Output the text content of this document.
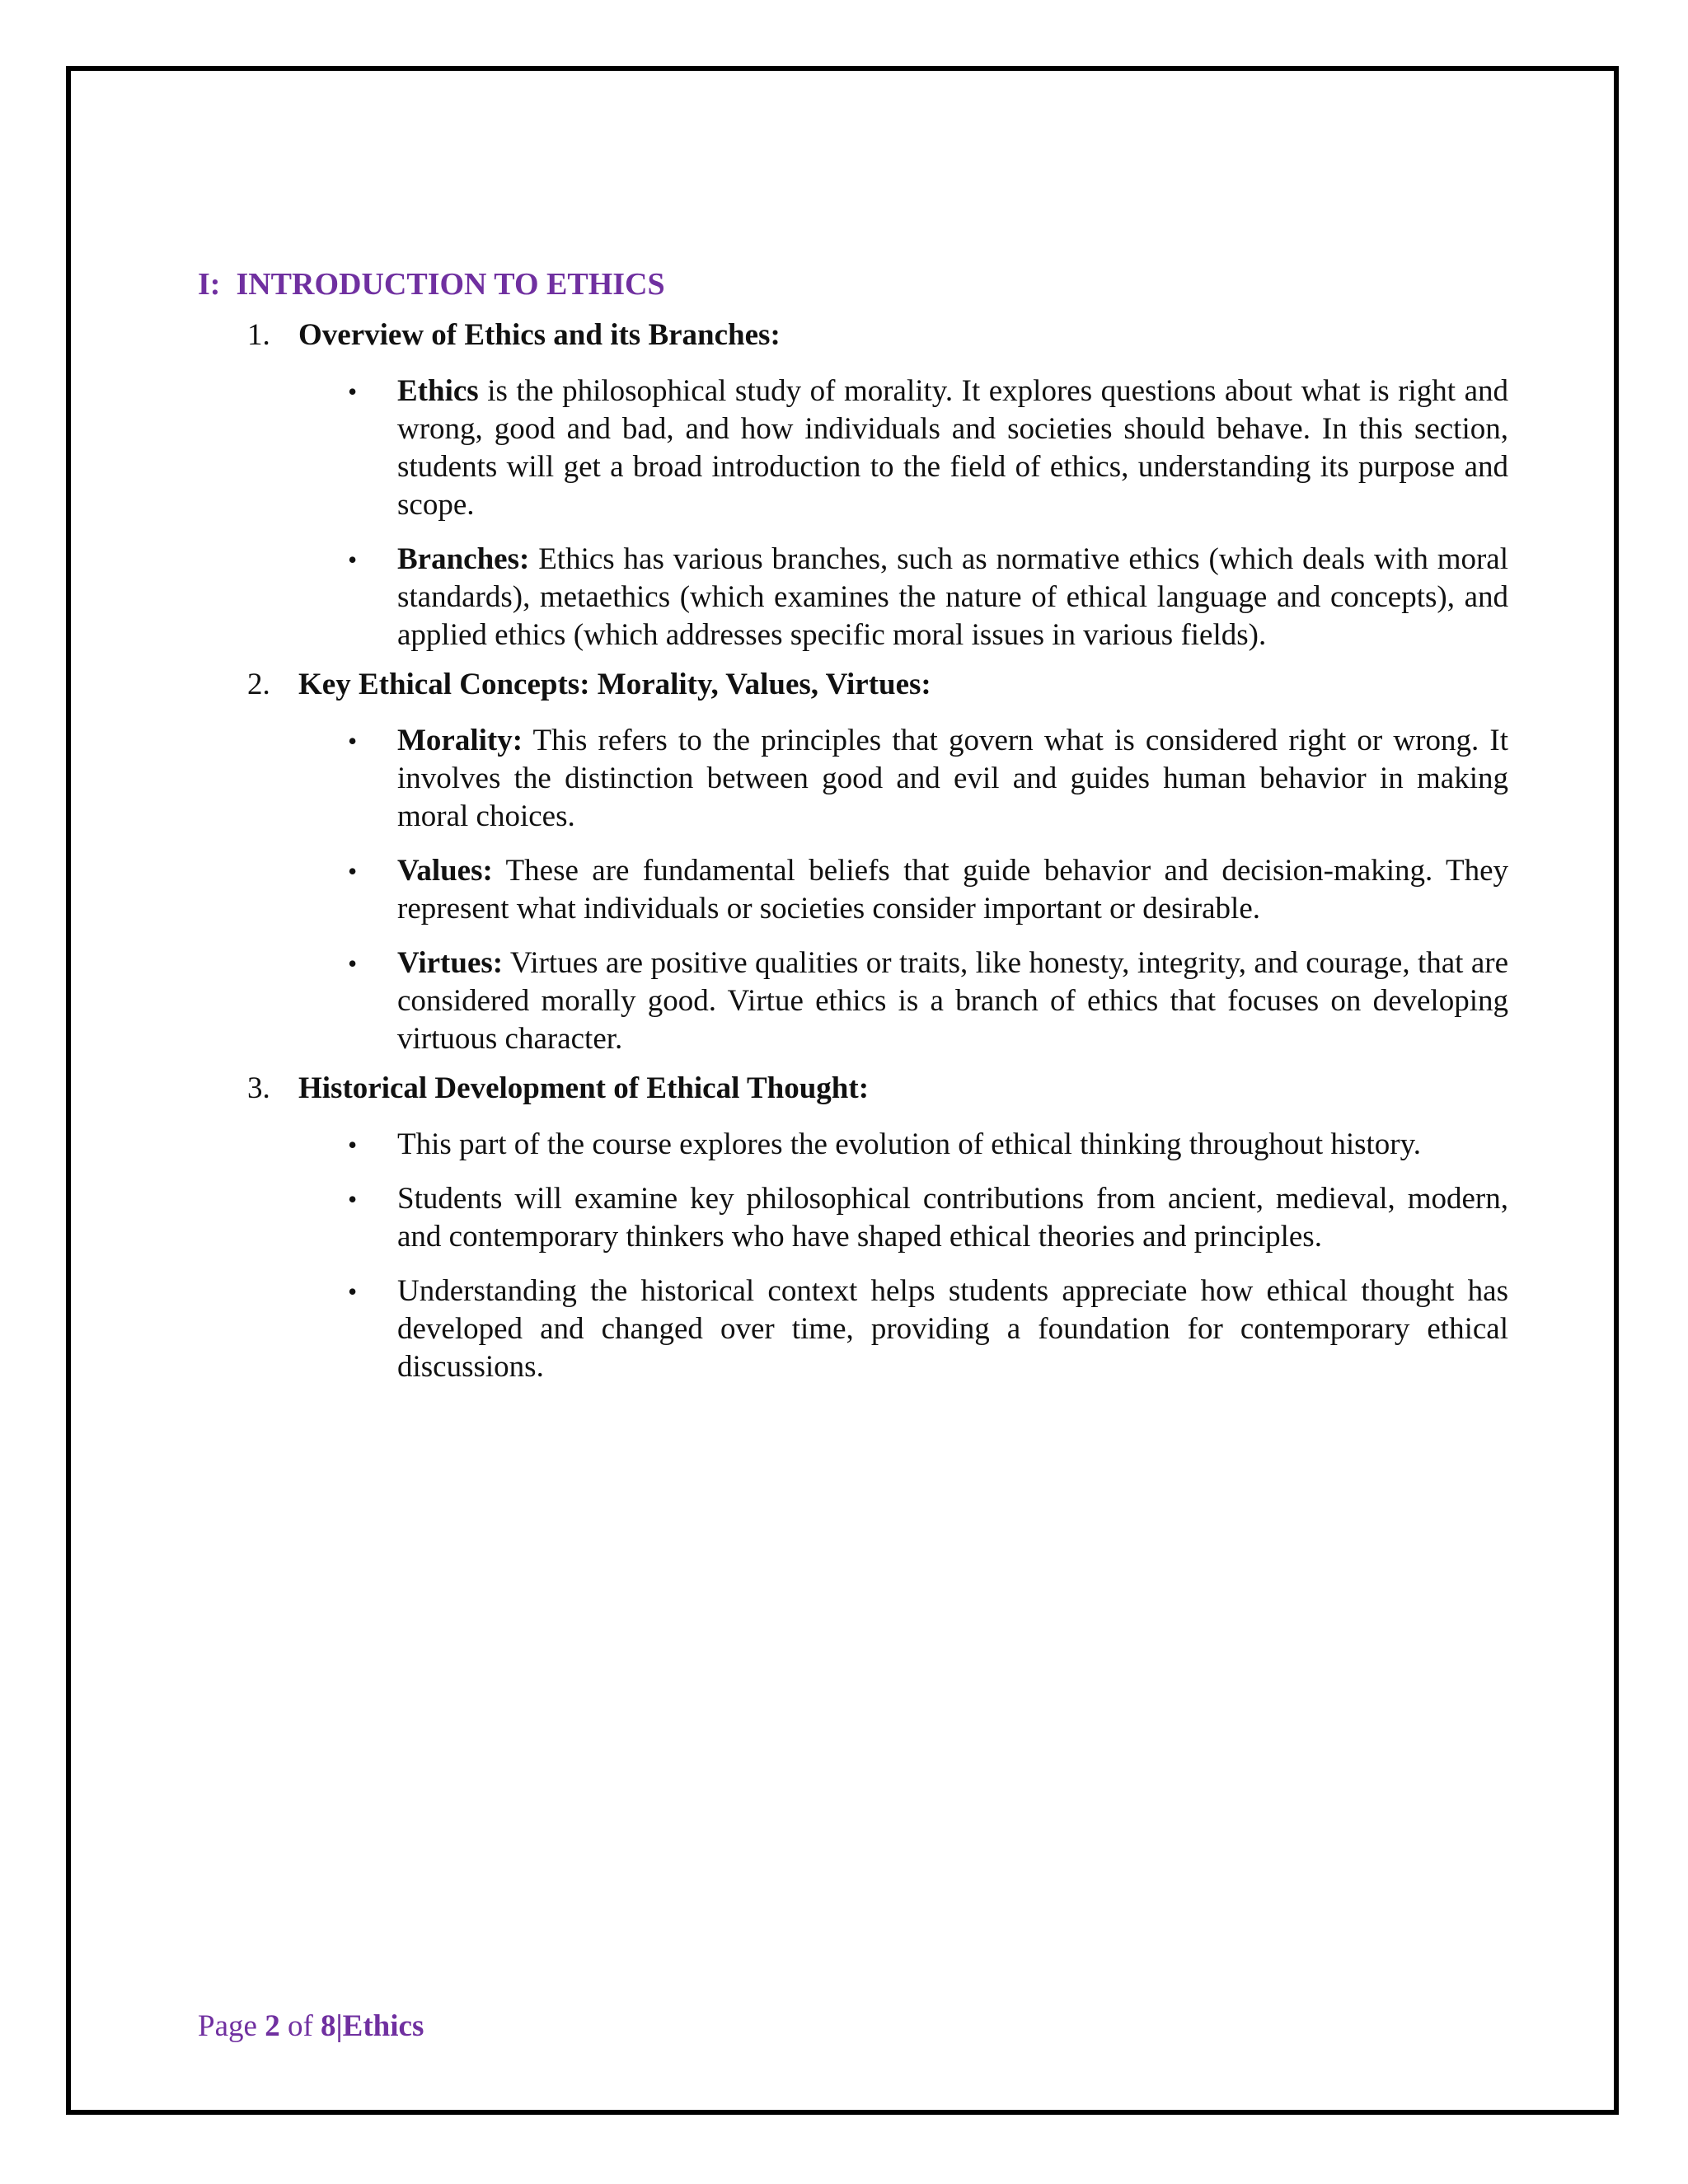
I:  INTRODUCTION TO ETHICS
1. Overview of Ethics and its Branches:
• Ethics is the philosophical study of morality. It explores questions about what is right and wrong, good and bad, and how individuals and societies should behave. In this section, students will get a broad introduction to the field of ethics, understanding its purpose and scope.
• Branches: Ethics has various branches, such as normative ethics (which deals with moral standards), metaethics (which examines the nature of ethical language and concepts), and applied ethics (which addresses specific moral issues in various fields).
2. Key Ethical Concepts: Morality, Values, Virtues:
• Morality: This refers to the principles that govern what is considered right or wrong. It involves the distinction between good and evil and guides human behavior in making moral choices.
• Values: These are fundamental beliefs that guide behavior and decision-making. They represent what individuals or societies consider important or desirable.
• Virtues: Virtues are positive qualities or traits, like honesty, integrity, and courage, that are considered morally good. Virtue ethics is a branch of ethics that focuses on developing virtuous character.
3. Historical Development of Ethical Thought:
• This part of the course explores the evolution of ethical thinking throughout history.
• Students will examine key philosophical contributions from ancient, medieval, modern, and contemporary thinkers who have shaped ethical theories and principles.
• Understanding the historical context helps students appreciate how ethical thought has developed and changed over time, providing a foundation for contemporary ethical discussions.
Page 2 of 8|Ethics
